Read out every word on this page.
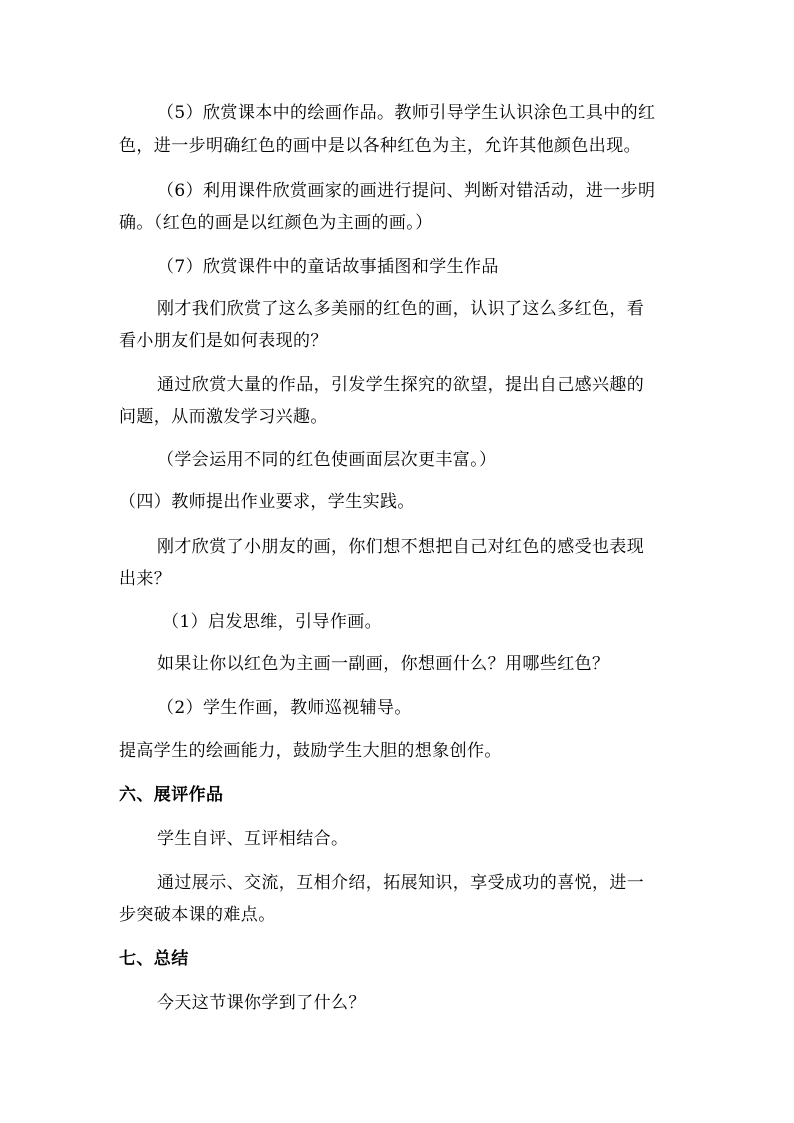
（5）欣赏课本中的绘画作品。教师引导学生认识涂色工具中的红
色，进一步明确红色的画中是以各种红色为主，允许其他颜色出现。
（6）利用课件欣赏画家的画进行提问、判断对错活动，进一步明
确。（红色的画是以红颜色为主画的画。）
（7）欣赏课件中的童话故事插图和学生作品
刚才我们欣赏了这么多美丽的红色的画，认识了这么多红色，看
看小朋友们是如何表现的？
通过欣赏大量的作品，引发学生探究的欲望，提出自己感兴趣的
问题，从而激发学习兴趣。
（学会运用不同的红色使画面层次更丰富。）
（四）教师提出作业要求，学生实践。
刚才欣赏了小朋友的画，你们想不想把自己对红色的感受也表现
出来？
（1）启发思维，引导作画。
如果让你以红色为主画一副画，你想画什么？用哪些红色？
（2）学生作画，教师巡视辅导。
提高学生的绘画能力，鼓励学生大胆的想象创作。
六、展评作品
学生自评、互评相结合。
通过展示、交流，互相介绍，拓展知识，享受成功的喜悦，进一
步突破本课的难点。
七、总结
今天这节课你学到了什么？
